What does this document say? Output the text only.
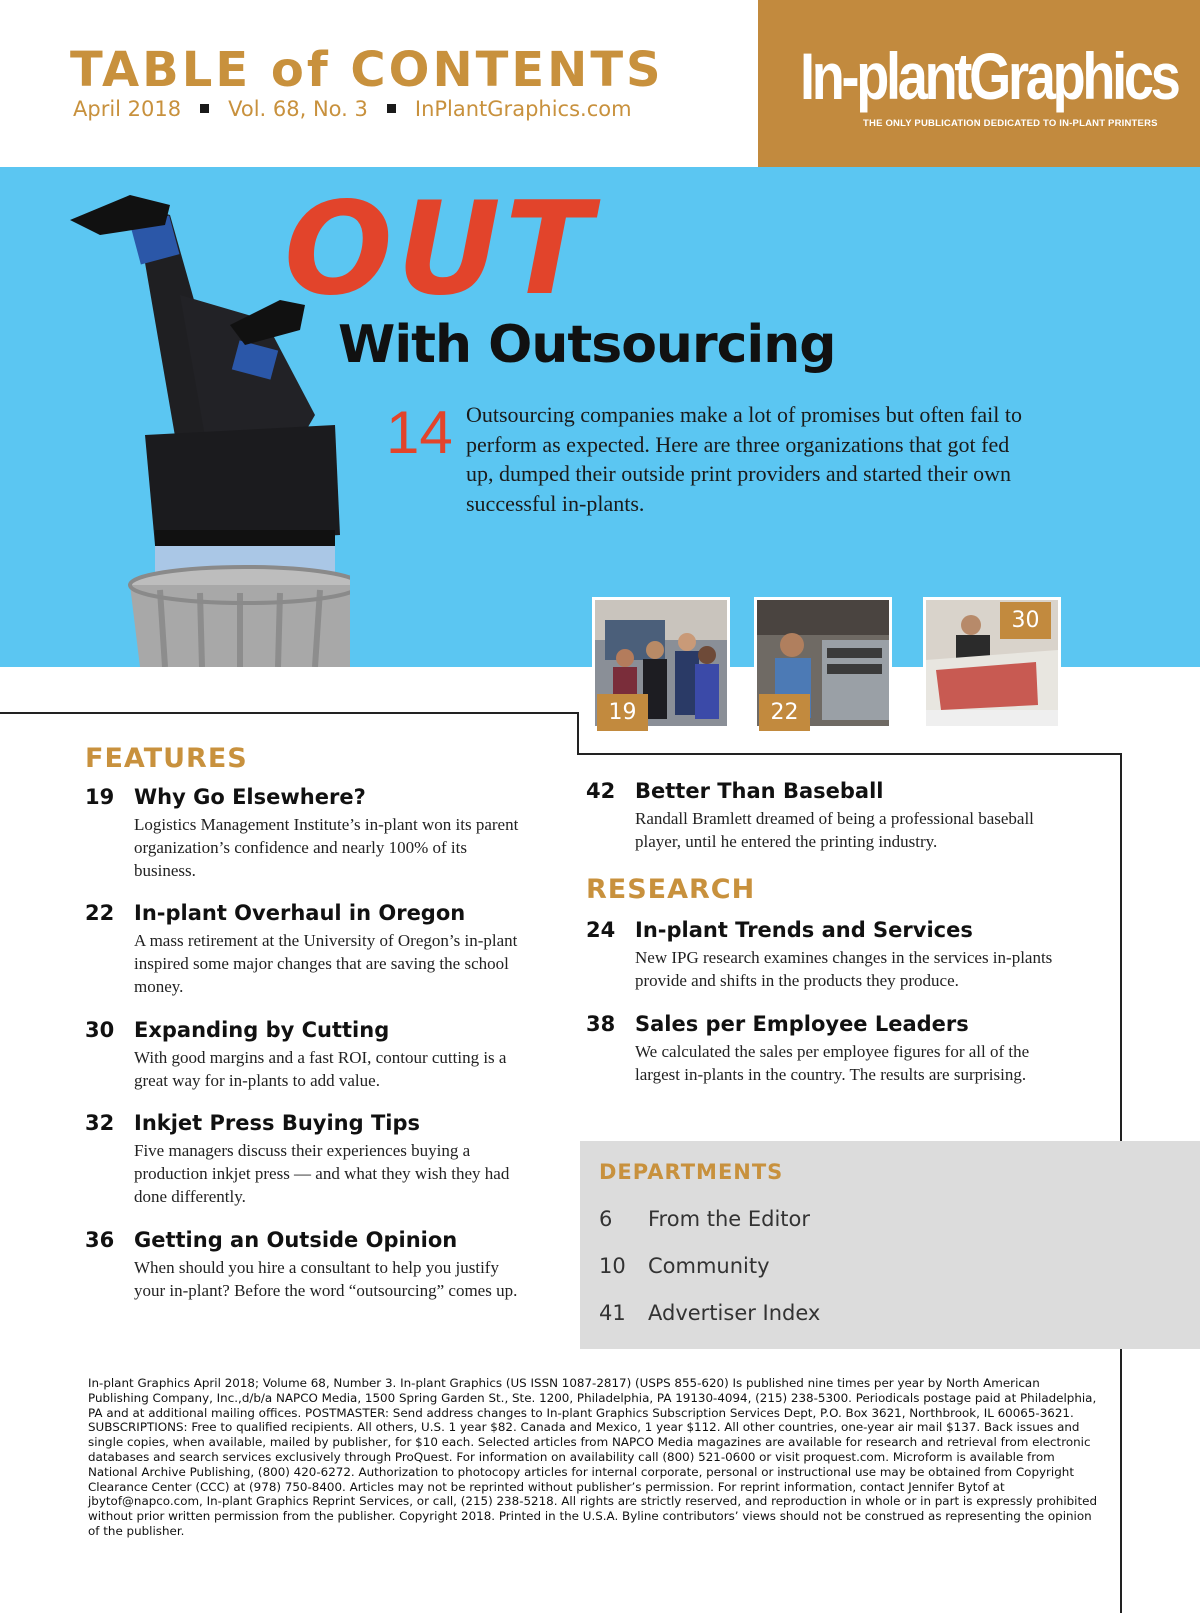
TABLE of CONTENTS
April 2018 Vol. 68, No. 3 InPlantGraphics.com	In-plantGraphics
THE ONLY PUBLICATION DEDICATED TO IN-PLANT PRINTERS
OUT
With Outsourcing
14 Outsourcing companies make a lot of promises but often fail to perform as expected. Here are three organizations that got fed up, dumped their outside print providers and started their own successful in-plants.
19	22
30
FEATURES
19 Why Go Elsewhere?
Logistics Management Institute’s in-plant won its parent organization’s confidence and nearly 100% of its business.
22 In-plant Overhaul in Oregon
A mass retirement at the University of Oregon’s in-plant inspired some major changes that are saving the school money.
30 Expanding by Cutting
With good margins and a fast ROI, contour cutting is a great way for in-plants to add value.
32 Inkjet Press Buying Tips
Five managers discuss their experiences buying a production inkjet press — and what they wish they had done differently.
36 Getting an Outside Opinion
When should you hire a consultant to help you justify your in-plant? Before the word “outsourcing” comes up.
42 Better Than Baseball
Randall Bramlett dreamed of being a professional baseball player, until he entered the printing industry.
RESEARCH
24 In-plant Trends and Services
New IPG research examines changes in the services in-plants provide and shifts in the products they produce.
38 Sales per Employee Leaders
We calculated the sales per employee figures for all of the largest in-plants in the country. The results are surprising.
DEPARTMENTS
6 From the Editor
10 Community
41 Advertiser Index
In-plant Graphics April 2018; Volume 68, Number 3. In-plant Graphics (US ISSN 1087-2817) (USPS 855-620) Is published nine times per year by North American Publishing Company, Inc.,d/b/a NAPCO Media, 1500 Spring Garden St., Ste. 1200, Philadelphia, PA 19130-4094, (215) 238-5300. Periodicals postage paid at Philadelphia, PA and at additional mailing offices. POSTMASTER: Send address changes to In-plant Graphics Subscription Services Dept, P.O. Box 3621, Northbrook, IL 60065-3621. SUBSCRIPTIONS: Free to qualified recipients. All others, U.S. 1 year $82. Canada and Mexico, 1 year $112. All other countries, one-year air mail $137. Back issues and single copies, when available, mailed by publisher, for $10 each. Selected articles from NAPCO Media magazines are available for research and retrieval from electronic databases and search services exclusively through ProQuest. For information on availability call (800) 521-0600 or visit proquest.com. Microform is available from National Archive Publishing, (800) 420-6272. Authorization to photocopy articles for internal corporate, personal or instructional use may be obtained from Copyright Clearance Center (CCC) at (978) 750-8400. Articles may not be reprinted without publisher’s permission. For reprint information, contact Jennifer Bytof at jbytof@napco.com, In-plant Graphics Reprint Services, or call, (215) 238-5218. All rights are strictly reserved, and reproduction in whole or in part is expressly prohibited without prior written permission from the publisher. Copyright 2018. Printed in the U.S.A. Byline contributors’ views should not be construed as representing the opinion of the publisher.
